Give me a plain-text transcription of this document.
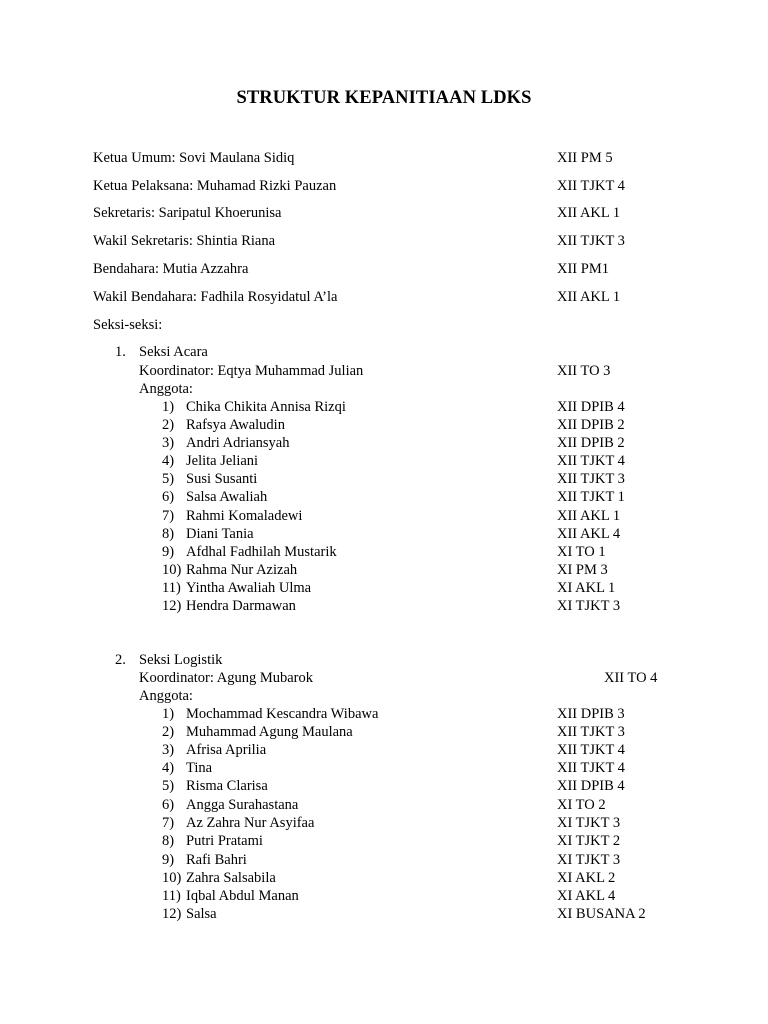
STRUKTUR KEPANITIAAN LDKS
Ketua Umum: Sovi Maulana Sidiq	XII PM 5
Ketua Pelaksana: Muhamad Rizki Pauzan	XII TJKT 4
Sekretaris: Saripatul Khoerunisa	XII AKL 1
Wakil Sekretaris: Shintia Riana	XII TJKT 3
Bendahara: Mutia Azzahra	XII PM1
Wakil Bendahara: Fadhila Rosyidatul A’la	XII AKL 1
Seksi-seksi:
1. Seksi Acara
Koordinator: Eqtya Muhammad Julian	XII TO 3
Anggota:
1) Chika Chikita Annisa Rizqi	XII DPIB 4
2) Rafsya Awaludin	XII DPIB 2
3) Andri Adriansyah	XII DPIB 2
4) Jelita Jeliani	XII TJKT 4
5) Susi Susanti	XII TJKT 3
6) Salsa Awaliah	XII TJKT 1
7) Rahmi Komaladewi	XII AKL 1
8) Diani Tania	XII AKL 4
9) Afdhal Fadhilah Mustarik	XI TO 1
10) Rahma Nur Azizah	XI PM 3
11) Yintha Awaliah Ulma	XI AKL 1
12) Hendra Darmawan	XI TJKT 3
2. Seksi Logistik
Koordinator: Agung Mubarok	XII TO 4
Anggota:
1) Mochammad Kescandra Wibawa	XII DPIB 3
2) Muhammad Agung Maulana	XII TJKT 3
3) Afrisa Aprilia	XII TJKT 4
4) Tina	XII TJKT 4
5) Risma Clarisa	XII DPIB 4
6) Angga Surahastana	XI TO 2
7) Az Zahra Nur Asyifaa	XI TJKT 3
8) Putri Pratami	XI TJKT 2
9) Rafi Bahri	XI TJKT 3
10) Zahra Salsabila	XI AKL 2
11) Iqbal Abdul Manan	XI AKL 4
12) Salsa	XI BUSANA 2
